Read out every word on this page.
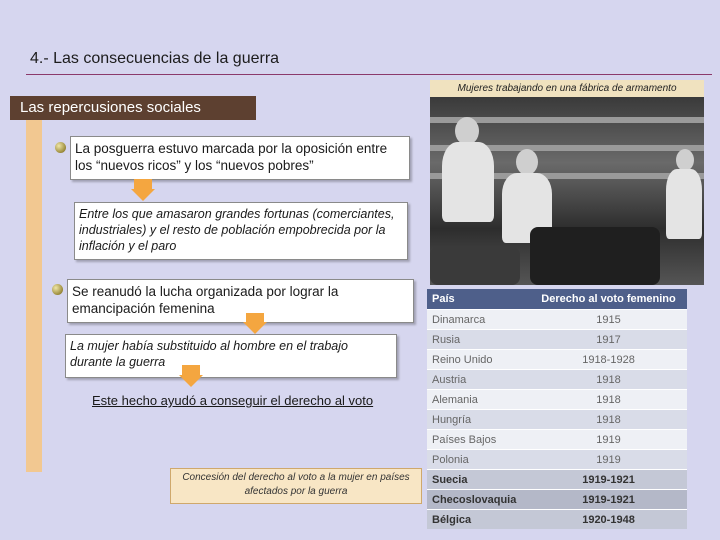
4.- Las consecuencias de la guerra
Las repercusiones sociales
Mujeres trabajando en una fábrica de armamento
La posguerra estuvo marcada por la oposición entre los “nuevos ricos” y los “nuevos pobres”
Entre los que amasaron grandes fortunas (comerciantes, industriales) y el resto de población empobrecida por la inflación y el paro
Se reanudó la lucha organizada por lograr la emancipación femenina
La mujer había substituido al hombre en el trabajo durante la guerra
Este hecho ayudó a conseguir el derecho al voto
Concesión del derecho al voto a la mujer en países afectados por la guerra
País	Derecho al voto femenino
Dinamarca	1915
Rusia	1917
Reino Unido	1918-1928
Austria	1918
Alemania	1918
Hungría	1918
Países Bajos	1919
Polonia	1919
Suecia	1919-1921
Checoslovaquia	1919-1921
Bélgica	1920-1948
